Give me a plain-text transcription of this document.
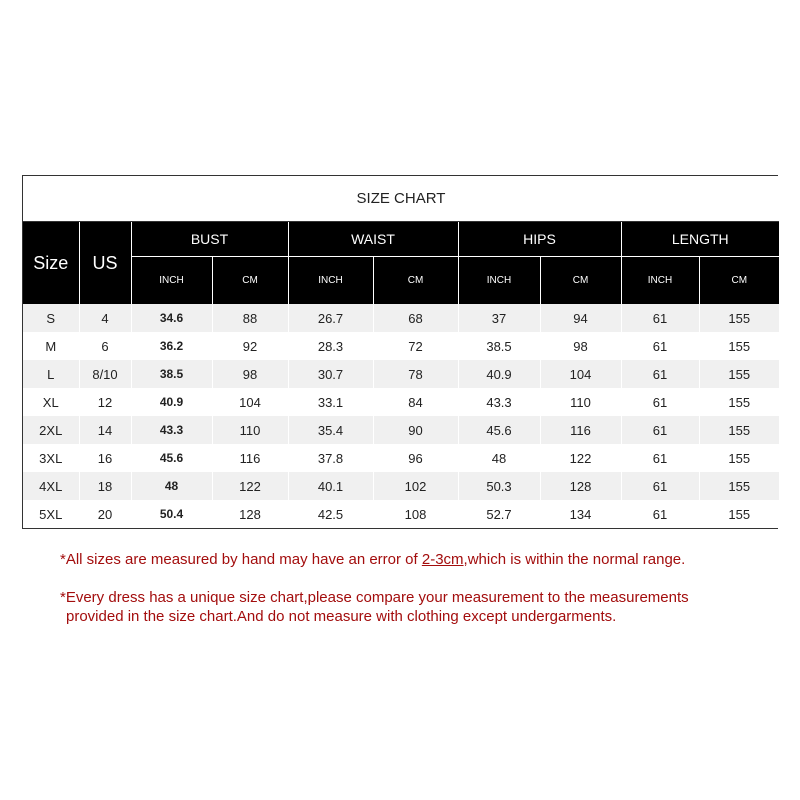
SIZE CHART									
Size	US	BUST		WAIST		HIPS		LENGTH	
		INCH	CM	INCH	CM	INCH	CM	INCH	CM
S	4	34.6	88	26.7	68	37	94	61	155
M	6	36.2	92	28.3	72	38.5	98	61	155
L	8/10	38.5	98	30.7	78	40.9	104	61	155
XL	12	40.9	104	33.1	84	43.3	110	61	155
2XL	14	43.3	110	35.4	90	45.6	116	61	155
3XL	16	45.6	116	37.8	96	48	122	61	155
4XL	18	48	122	40.1	102	50.3	128	61	155
5XL	20	50.4	128	42.5	108	52.7	134	61	155
*All sizes are measured by hand may have an error of 2-3cm,which is within the normal range.
*Every dress has a unique size chart,please compare your measurement to the measurements
provided in the size chart.And do not measure with clothing except undergarments.
